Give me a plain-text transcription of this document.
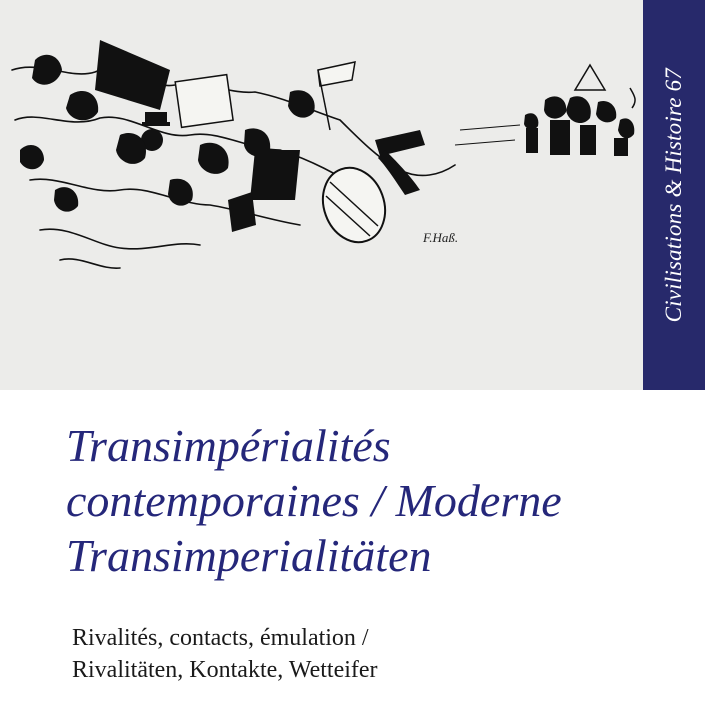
F.Haß.	Civilisations & Histoire 67
Transimpérialités
contemporaines / Moderne
Transimperialitäten
Rivalités, contacts, émulation /
Rivalitäten, Kontakte, Wetteifer
